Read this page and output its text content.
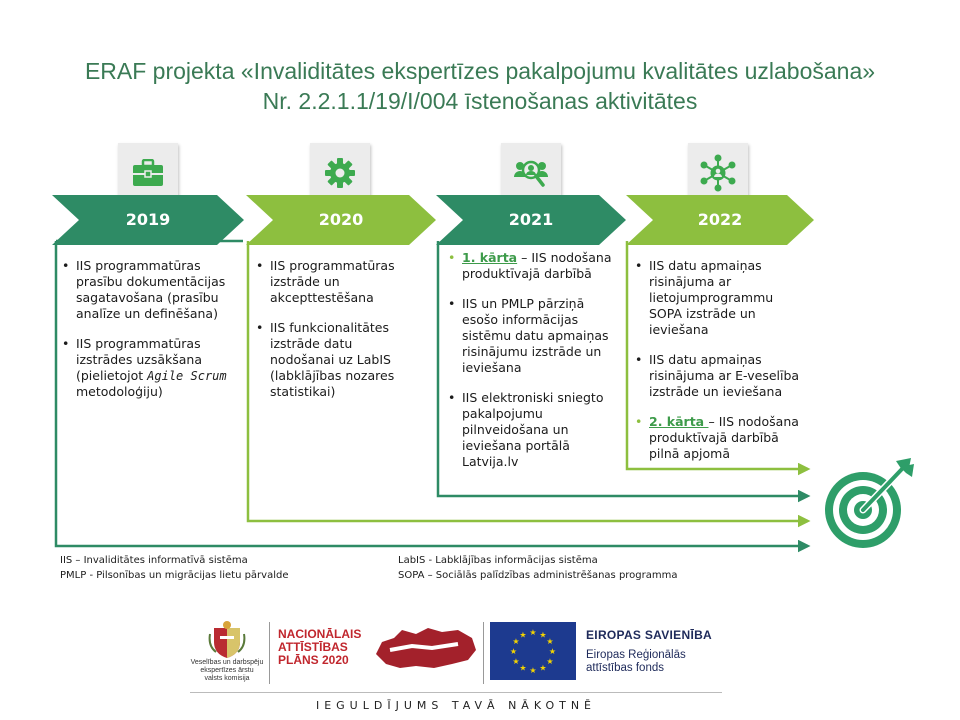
ERAF projekta «Invaliditātes ekspertīzes pakalpojumu kvalitātes uzlabošana»
Nr. 2.2.1.1/19/I/004 īstenošanas aktivitātes
2019	2020	2021	2022
• IIS programmatūras prasību dokumentācijas sagatavošana (prasību analīze un definēšana)
• IIS programmatūras izstrādes uzsākšana (pielietojot Agile Scrum metodoloģiju)
• IIS programmatūras izstrāde un akcepttestēšana
• IIS funkcionalitātes izstrāde datu nodošanai uz LabIS (labklājības nozares statistikai)
• 1. kārta – IIS nodošana produktīvajā darbībā
• IIS un PMLP pārziņā esošo informācijas sistēmu datu apmaiņas risinājumu izstrāde un ieviešana
• IIS elektroniski sniegto pakalpojumu pilnveidošana un ieviešana portālā Latvija.lv
• IIS datu apmaiņas risinājuma ar lietojumprogrammu SOPA izstrāde un ieviešana
• IIS datu apmaiņas risinājuma ar E-veselība izstrāde un ieviešana
• 2. kārta – IIS nodošana produktīvajā darbībā pilnā apjomā
IIS – Invaliditātes informatīvā sistēma
PMLP - Pilsonības un migrācijas lietu pārvalde
LabIS - Labklājības informācijas sistēma
SOPA – Sociālās palīdzības administrēšanas programma
Veselības un darbspēju
ekspertīzes ārstu
valsts komisija
NACIONĀLAIS
ATTĪSTĪBAS
PLĀNS 2020
★ ★
★
★
★
★
★
★
★
★
★
★	EIROPAS SAVIENĪBA
Eiropas Reģionālās
attīstības fonds
IEGULDĪJUMS TAVĀ NĀKOTNĒ
